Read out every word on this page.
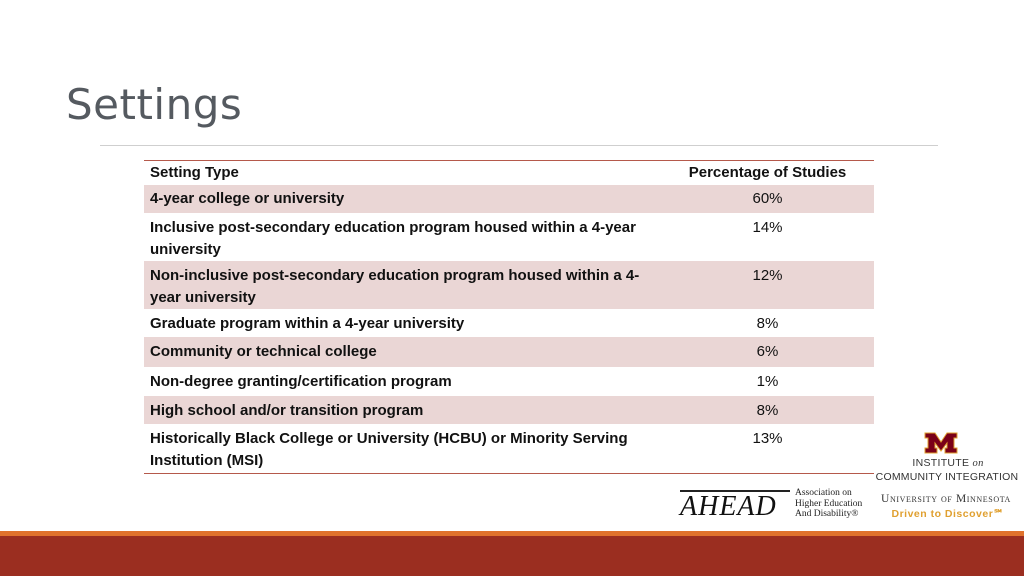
Settings
Setting Type	Percentage of Studies
4-year college or university	60%
Inclusive post-secondary education program housed within a 4-year university	14%
Non-inclusive post-secondary education program housed within a 4-year university	12%
Graduate program within a 4-year university	8%
Community or technical college	6%
Non-degree granting/certification program	1%
High school and/or transition program	8%
Historically Black College or University (HCBU) or Minority Serving Institution (MSI)	13%
AHEAD Association on
Higher Education
And Disability®
INSTITUTE on
COMMUNITY INTEGRATION
University of Minnesota
Driven to Discover℠
